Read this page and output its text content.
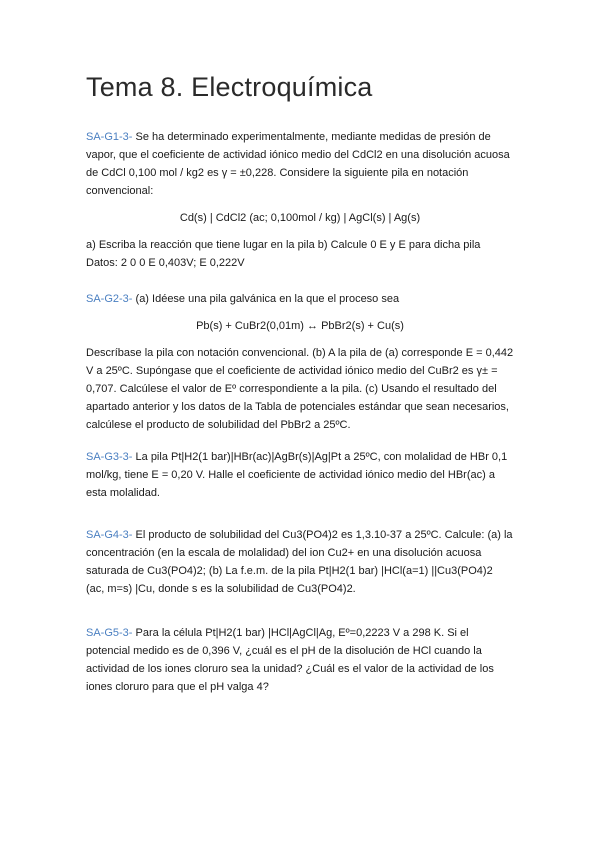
Tema 8. Electroquímica

SA-G1-3- Se ha determinado experimentalmente, mediante medidas de presión de vapor, que el coeficiente de actividad iónico medio del CdCl2 en una disolución acuosa de CdCl 0,100 mol / kg2 es γ = ±0,228. Considere la siguiente pila en notación convencional:

Cd(s) | CdCl2 (ac; 0,100mol / kg) | AgCl(s) | Ag(s)

a) Escriba la reacción que tiene lugar en la pila b) Calcule 0 E y E para dicha pila Datos: 2 0 0 E 0,403V; E 0,222V

SA-G2-3- (a) Idéese una pila galvánica en la que el proceso sea

Pb(s) + CuBr2(0,01m) ↔ PbBr2(s) + Cu(s)

Descríbase la pila con notación convencional. (b) A la pila de (a) corresponde E = 0,442 V a 25ºC. Supóngase que el coeficiente de actividad iónico medio del CuBr2 es γ± = 0,707. Calcúlese el valor de Eº correspondiente a la pila. (c) Usando el resultado del apartado anterior y los datos de la Tabla de potenciales estándar que sean necesarios, calcúlese el producto de solubilidad del PbBr2 a 25ºC.

SA-G3-3- La pila Pt|H2(1 bar)|HBr(ac)|AgBr(s)|Ag|Pt a 25ºC, con molalidad de HBr 0,1 mol/kg, tiene E = 0,20 V. Halle el coeficiente de actividad iónico medio del HBr(ac) a esta molalidad.

SA-G4-3- El producto de solubilidad del Cu3(PO4)2 es 1,3.10-37 a 25ºC. Calcule: (a) la concentración (en la escala de molalidad) del ion Cu2+ en una disolución acuosa saturada de Cu3(PO4)2; (b) La f.e.m. de la pila Pt|H2(1 bar) |HCl(a=1) ||Cu3(PO4)2 (ac, m=s) |Cu, donde s es la solubilidad de Cu3(PO4)2.

SA-G5-3- Para la célula Pt|H2(1 bar) |HCl|AgCl|Ag, Eº=0,2223 V a 298 K. Si el potencial medido es de 0,396 V, ¿cuál es el pH de la disolución de HCl cuando la actividad de los iones cloruro sea la unidad? ¿Cuál es el valor de la actividad de los iones cloruro para que el pH valga 4?
